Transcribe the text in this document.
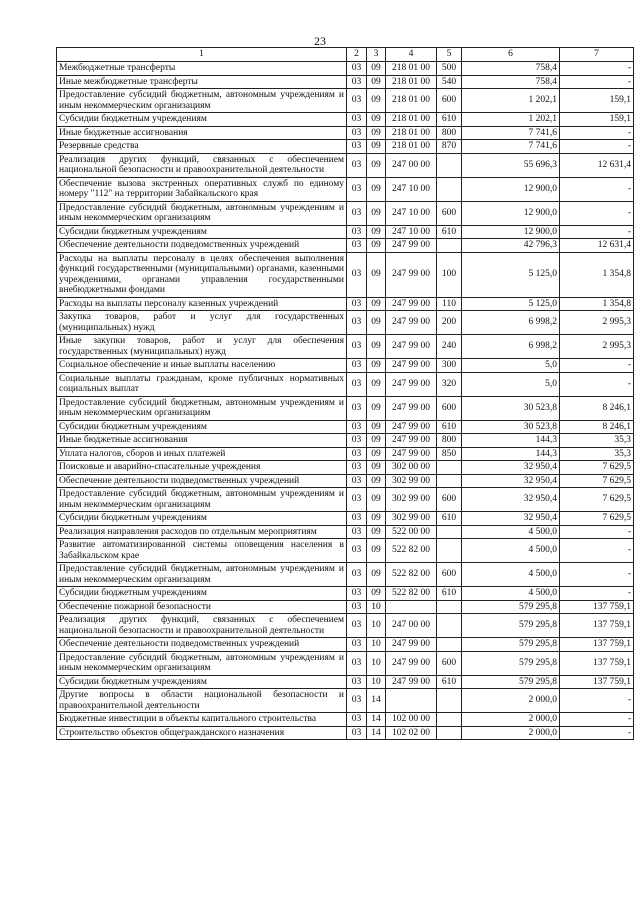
23
1	2	3	4	5	6	7
Межбюджетные трансферты	03	09	218 01 00	500	758,4	-
Иные межбюджетные трансферты	03	09	218 01 00	540	758,4	-
Предоставление субсидий бюджетным, автономным учреждениям и иным некоммерческим организациям	03	09	218 01 00	600	1 202,1	159,1
Субсидии бюджетным учреждениям	03	09	218 01 00	610	1 202,1	159,1
Иные бюджетные ассигнования	03	09	218 01 00	800	7 741,6	-
Резервные средства	03	09	218 01 00	870	7 741,6	-
Реализация других функций, связанных с обеспечением национальной безопасности и правоохранительной деятельности	03	09	247 00 00		55 696,3	12 631,4
Обеспечение вызова экстренных оперативных служб по единому номеру "112" на территории Забайкальского края	03	09	247 10 00		12 900,0	-
Предоставление субсидий бюджетным, автономным учреждениям и иным некоммерческим организациям	03	09	247 10 00	600	12 900,0	-
Субсидии бюджетным учреждениям	03	09	247 10 00	610	12 900,0	-
Обеспечение деятельности подведомственных учреждений	03	09	247 99 00		42 796,3	12 631,4
Расходы на выплаты персоналу в целях обеспечения выполнения функций государственными (муниципальными) органами, казенными учреждениями, органами управления государственными внебюджетными фондами	03	09	247 99 00	100	5 125,0	1 354,8
Расходы на выплаты персоналу казенных учреждений	03	09	247 99 00	110	5 125,0	1 354,8
Закупка товаров, работ и услуг для государственных (муниципальных) нужд	03	09	247 99 00	200	6 998,2	2 995,3
Иные закупки товаров, работ и услуг для обеспечения государственных (муниципальных) нужд	03	09	247 99 00	240	6 998,2	2 995,3
Социальное обеспечение и иные выплаты населению	03	09	247 99 00	300	5,0	-
Социальные выплаты гражданам, кроме публичных нормативных социальных выплат	03	09	247 99 00	320	5,0	-
Предоставление субсидий бюджетным, автономным учреждениям и иным некоммерческим организациям	03	09	247 99 00	600	30 523,8	8 246,1
Субсидии бюджетным учреждениям	03	09	247 99 00	610	30 523,8	8 246,1
Иные бюджетные ассигнования	03	09	247 99 00	800	144,3	35,3
Уплата налогов, сборов и иных платежей	03	09	247 99 00	850	144,3	35,3
Поисковые и аварийно-спасательные учреждения	03	09	302 00 00		32 950,4	7 629,5
Обеспечение деятельности подведомственных учреждений	03	09	302 99 00		32 950,4	7 629,5
Предоставление субсидий бюджетным, автономным учреждениям и иным некоммерческим организациям	03	09	302 99 00	600	32 950,4	7 629,5
Субсидии бюджетным учреждениям	03	09	302 99 00	610	32 950,4	7 629,5
Реализация направления расходов по отдельным мероприятиям	03	09	522 00 00		4 500,0	-
Развитие автоматизированной системы оповещения населения в Забайкальском крае	03	09	522 82 00		4 500,0	-
Предоставление субсидий бюджетным, автономным учреждениям и иным некоммерческим организациям	03	09	522 82 00	600	4 500,0	-
Субсидии бюджетным учреждениям	03	09	522 82 00	610	4 500,0	-
Обеспечение пожарной безопасности	03	10			579 295,8	137 759,1
Реализация других функций, связанных с обеспечением национальной безопасности и правоохранительной деятельности	03	10	247 00 00		579 295,8	137 759,1
Обеспечение деятельности подведомственных учреждений	03	10	247 99 00		579 295,8	137 759,1
Предоставление субсидий бюджетным, автономным учреждениям и иным некоммерческим организациям	03	10	247 99 00	600	579 295,8	137 759,1
Субсидии бюджетным учреждениям	03	10	247 99 00	610	579 295,8	137 759,1
Другие вопросы в области национальной безопасности и правоохранительной деятельности	03	14			2 000,0	-
Бюджетные инвестиции в объекты капитального строительства	03	14	102 00 00		2 000,0	-
Строительство объектов общегражданского назначения	03	14	102 02 00		2 000,0	-
